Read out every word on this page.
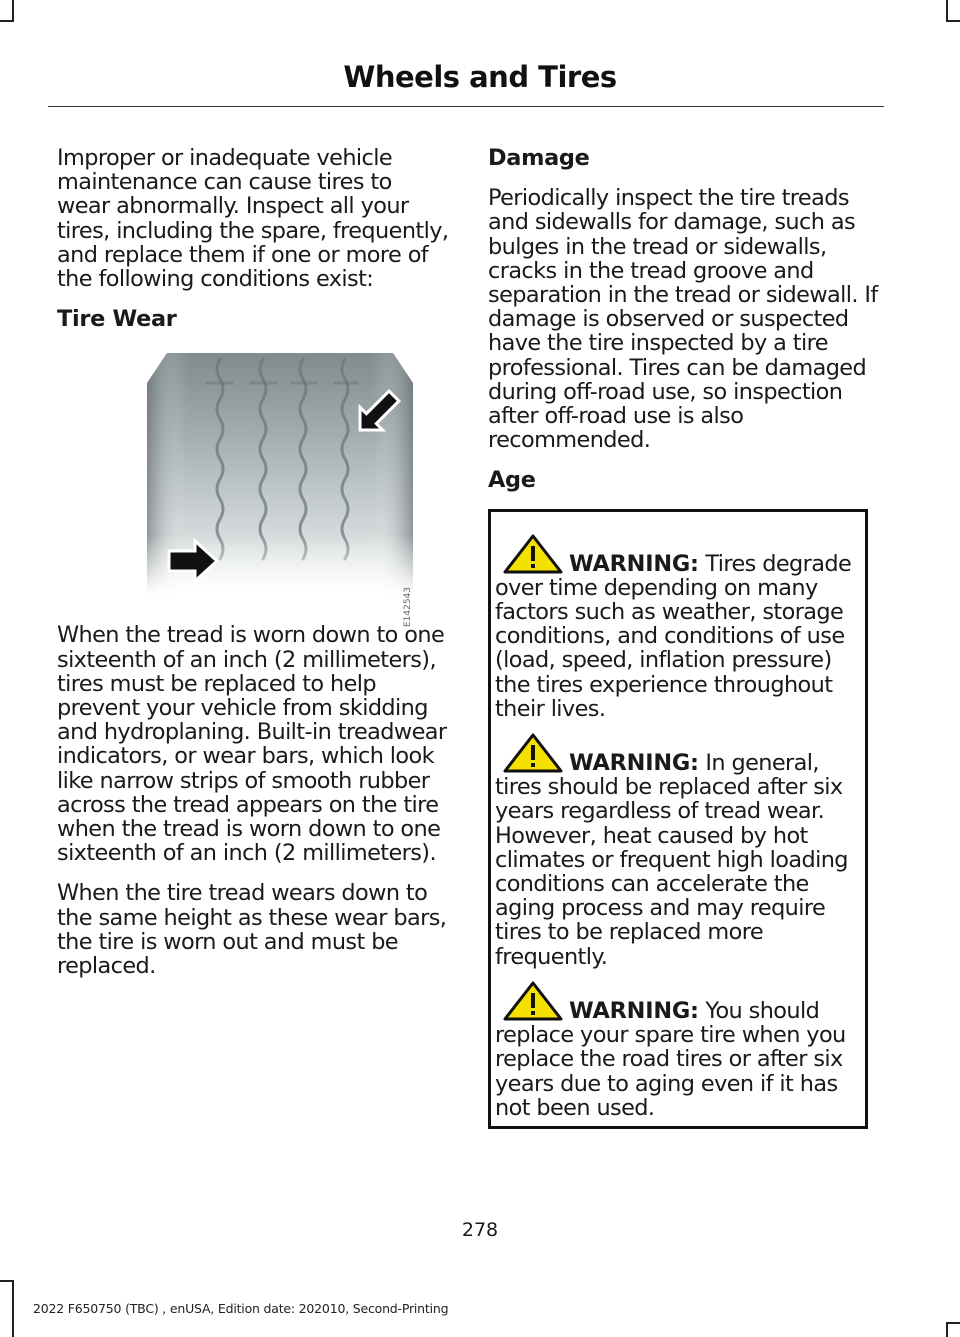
Wheels and Tires

Improper or inadequate vehicle maintenance can cause tires to wear abnormally. Inspect all your tires, including the spare, frequently, and replace them if one or more of the following conditions exist:

Tire Wear
E142543

When the tread is worn down to one sixteenth of an inch (2 millimeters), tires must be replaced to help prevent your vehicle from skidding and hydroplaning. Built-in treadwear indicators, or wear bars, which look like narrow strips of smooth rubber across the tread appears on the tire when the tread is worn down to one sixteenth of an inch (2 millimeters).

When the tire tread wears down to the same height as these wear bars, the tire is worn out and must be replaced.

Damage

Periodically inspect the tire treads and sidewalls for damage, such as bulges in the tread or sidewalls, cracks in the tread groove and separation in the tread or sidewall. If damage is observed or suspected have the tire inspected by a tire professional. Tires can be damaged during off-road use, so inspection after off-road use is also recommended.

Age

WARNING: Tires degrade over time depending on many factors such as weather, storage conditions, and conditions of use (load, speed, inflation pressure) the tires experience throughout their lives.

WARNING: In general, tires should be replaced after six years regardless of tread wear. However, heat caused by hot climates or frequent high loading conditions can accelerate the aging process and may require tires to be replaced more frequently.

WARNING: You should replace your spare tire when you replace the road tires or after six years due to aging even if it has not been used.

278
2022 F650750 (TBC) , enUSA, Edition date: 202010, Second-Printing
